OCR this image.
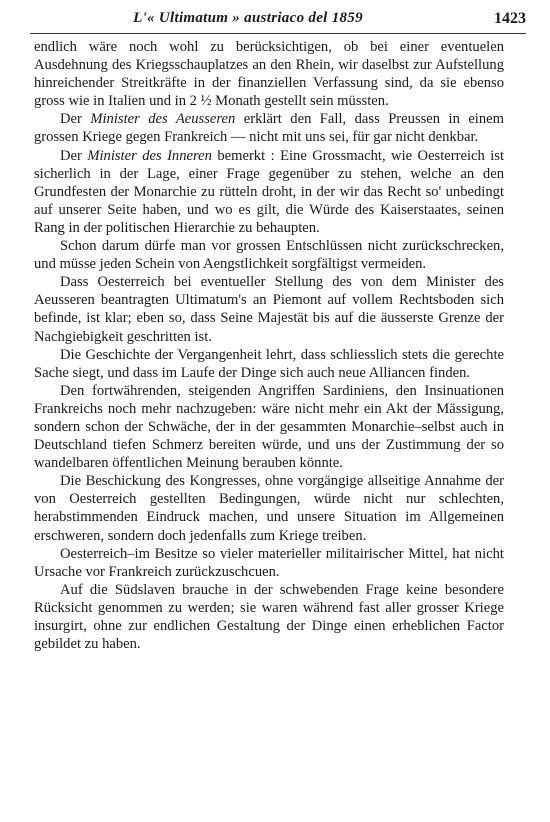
L'« Ultimatum » austriaco del 1859	1423

endlich wäre noch wohl zu berücksichtigen, ob bei einer eventuelen Ausdehnung des Kriegsschauplatzes an den Rhein, wir daselbst zur Aufstellung hinreichender Streitkräfte in der finanziellen Verfassung sind, da sie ebenso gross wie in Italien und in 2 ½ Monath gestellt sein müssten.

Der Minister des Aeusseren erklärt den Fall, dass Preussen in einem grossen Kriege gegen Frankreich — nicht mit uns sei, für gar nicht denkbar.

Der Minister des Inneren bemerkt : Eine Grossmacht, wie Oesterreich ist sicherlich in der Lage, einer Frage gegenüber zu stehen, welche an den Grundfesten der Monarchie zu rütteln droht, in der wir das Recht so' unbedingt auf unserer Seite haben, und wo es gilt, die Würde des Kaiserstaates, seinen Rang in der politischen Hierarchie zu behaupten.

Schon darum dürfe man vor grossen Entschlüssen nicht zurückschrecken, und müsse jeden Schein von Aengstlichkeit sorgfältigst vermeiden.

Dass Oesterreich bei eventueller Stellung des von dem Minister des Aeusseren beantragten Ultimatum's an Piemont auf vollem Rechtsboden sich befinde, ist klar; eben so, dass Seine Majestät bis auf die äusserste Grenze der Nachgiebigkeit geschritten ist.

Die Geschichte der Vergangenheit lehrt, dass schliesslich stets die gerechte Sache siegt, und dass im Laufe der Dinge sich auch neue Alliancen finden.

Den fortwährenden, steigenden Angriffen Sardiniens, den Insinuationen Frankreichs noch mehr nachzugeben: wäre nicht mehr ein Akt der Mässigung, sondern schon der Schwäche, der in der gesammten Monarchie–selbst auch in Deutschland tiefen Schmerz bereiten würde, und uns der Zustimmung der so wandelbaren öffentlichen Meinung berauben könnte.

Die Beschickung des Kongresses, ohne vorgängige allseitige Annahme der von Oesterreich gestellten Bedingungen, würde nicht nur schlechten, herabstimmenden Eindruck machen, und unsere Situation im Allgemeinen erschweren, sondern doch jedenfalls zum Kriege treiben.

Oesterreich–im Besitze so vieler materieller militairischer Mittel, hat nicht Ursache vor Frankreich zurückzuschcuen.

Auf die Südslaven brauche in der schwebenden Frage keine besondere Rücksicht genommen zu werden; sie waren während fast aller grosser Kriege insurgirt, ohne zur endlichen Gestaltung der Dinge einen erheblichen Factor gebildet zu haben.
